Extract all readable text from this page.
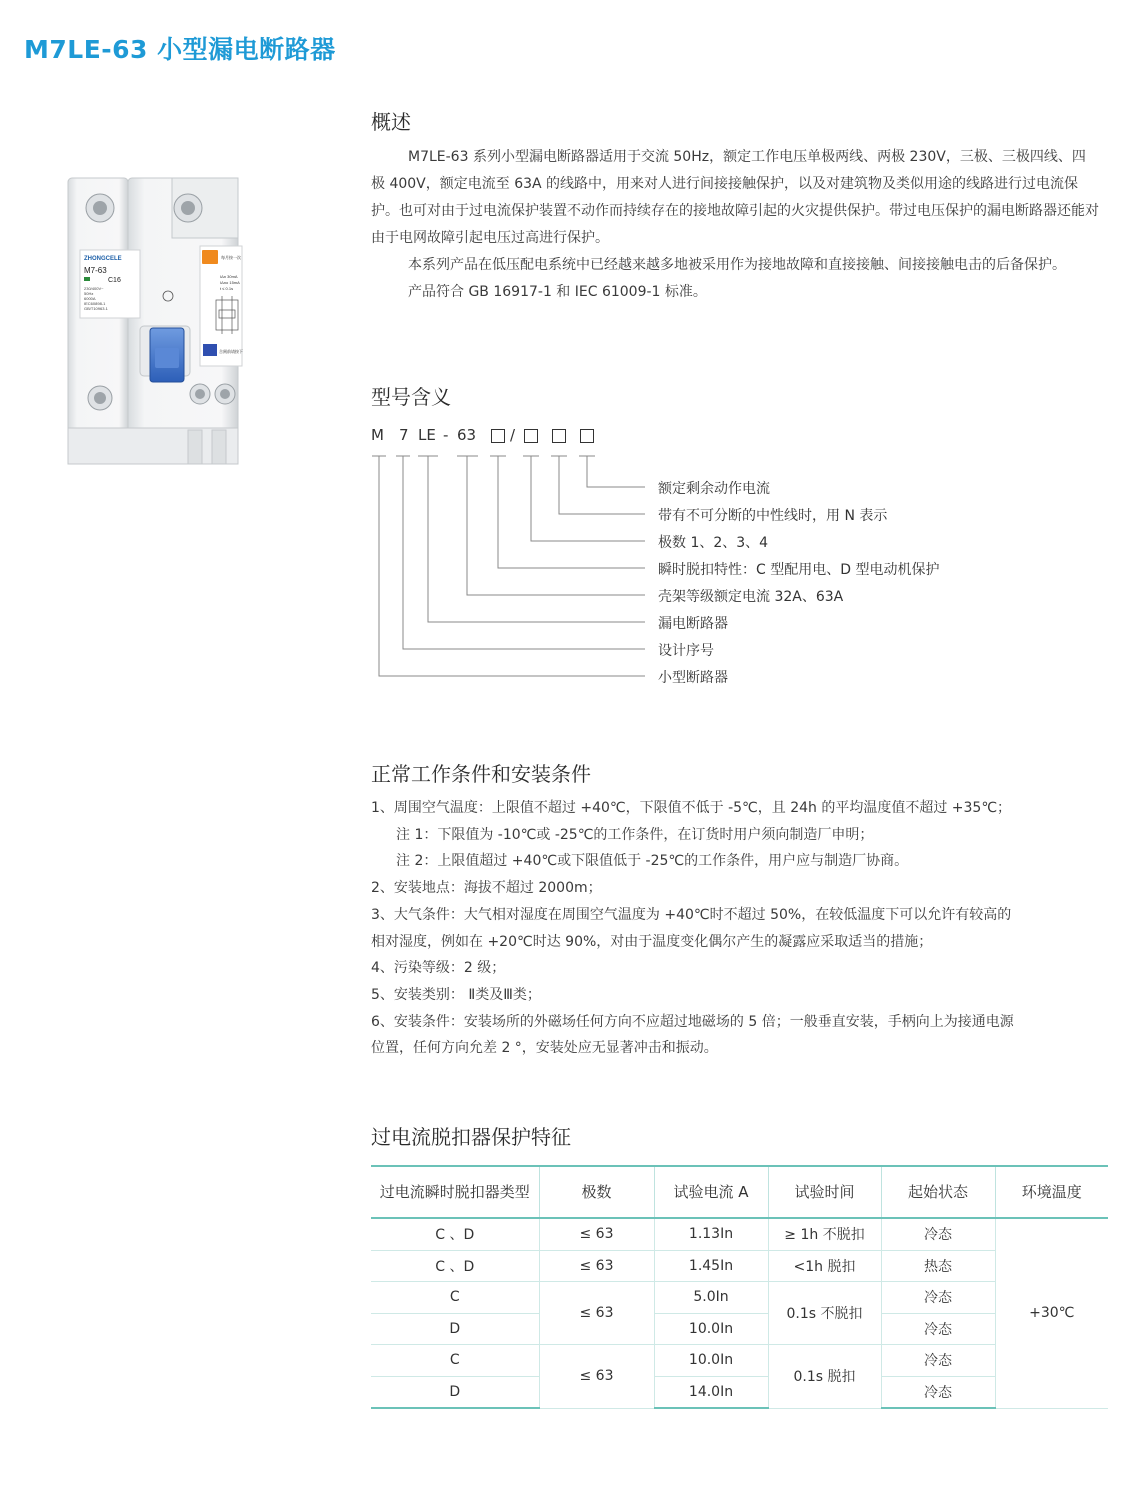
M7LE-63 小型漏电断路器
ZHONGCELE
M7-63
C16
230/400V~
50Hz
6000A
IEC60898-1
GB/T10963.1
每月按一次
IΔn 30mA
IΔno 15mA
t ≤ 0.1s
合闸前请按下
概述

M7LE-63 系列小型漏电断路器适用于交流 50Hz，额定工作电压单极两线、两极 230V，三极、三极四线、四极 400V，额定电流至 63A 的线路中，用来对人进行间接接触保护，以及对建筑物及类似用途的线路进行过电流保护。也可对由于过电流保护装置不动作而持续存在的接地故障引起的火灾提供保护。带过电压保护的漏电断路器还能对由于电网故障引起电压过高进行保护。

本系列产品在低压配电系统中已经越来越多地被采用作为接地故障和直接接触、间接接触电击的后备保护。

产品符合 GB 16917-1 和 IEC 61009-1 标准。

型号含义
M 7 LE - 63 /
额定剩余动作电流
带有不可分断的中性线时，用 N 表示
极数 1、2、3、4
瞬时脱扣特性：C 型配用电、D 型电动机保护
壳架等级额定电流 32A、63A
漏电断路器
设计序号
小型断路器
正常工作条件和安装条件
1、周围空气温度：上限值不超过 +40℃，下限值不低于 -5℃，且 24h 的平均温度值不超过 +35℃；
注 1：下限值为 -10℃或 -25℃的工作条件，在订货时用户须向制造厂申明；
注 2：上限值超过 +40℃或下限值低于 -25℃的工作条件，用户应与制造厂协商。
2、安装地点：海拔不超过 2000m；
3、大气条件：大气相对湿度在周围空气温度为 +40℃时不超过 50%，在较低温度下可以允许有较高的
相对湿度，例如在 +20℃时达 90%，对由于温度变化偶尔产生的凝露应采取适当的措施；
4、污染等级：2 级；
5、安装类别： Ⅱ类及Ⅲ类；
6、安装条件：安装场所的外磁场任何方向不应超过地磁场的 5 倍；一般垂直安装，手柄向上为接通电源
位置，任何方向允差 2 °，安装处应无显著冲击和振动。
过电流脱扣器保护特征
过电流瞬时脱扣器类型	极数	试验电流 A	试验时间	起始状态	环境温度
C 、D	≤ 63	1.13In	≥ 1h 不脱扣	冷态	+30℃
C 、D	≤ 63	1.45In	<1h 脱扣	热态	
C	≤ 63	5.0In	0.1s 不脱扣	冷态	
D		10.0In		冷态	
C	≤ 63	10.0In	0.1s 脱扣	冷态	
D		14.0In		冷态	
